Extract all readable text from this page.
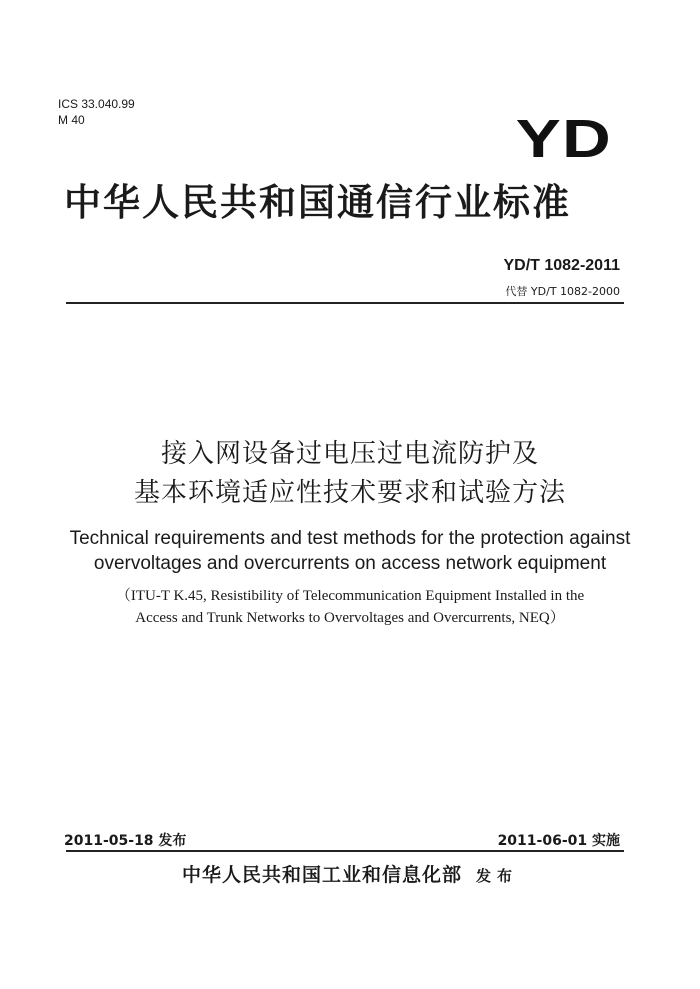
ICS 33.040.99
M 40	YD
中华人民共和国通信行业标准
YD/T 1082-2011
代替 YD/T 1082-2000
接入网设备过电压过电流防护及
基本环境适应性技术要求和试验方法
Technical requirements and test methods for the protection against
overvoltages and overcurrents on access network equipment
（ITU-T K.45, Resistibility of Telecommunication Equipment Installed in the
Access and Trunk Networks to Overvoltages and Overcurrents, NEQ）
2011-05-18 发布	2011-06-01 实施
中华人民共和国工业和信息化部 发布
